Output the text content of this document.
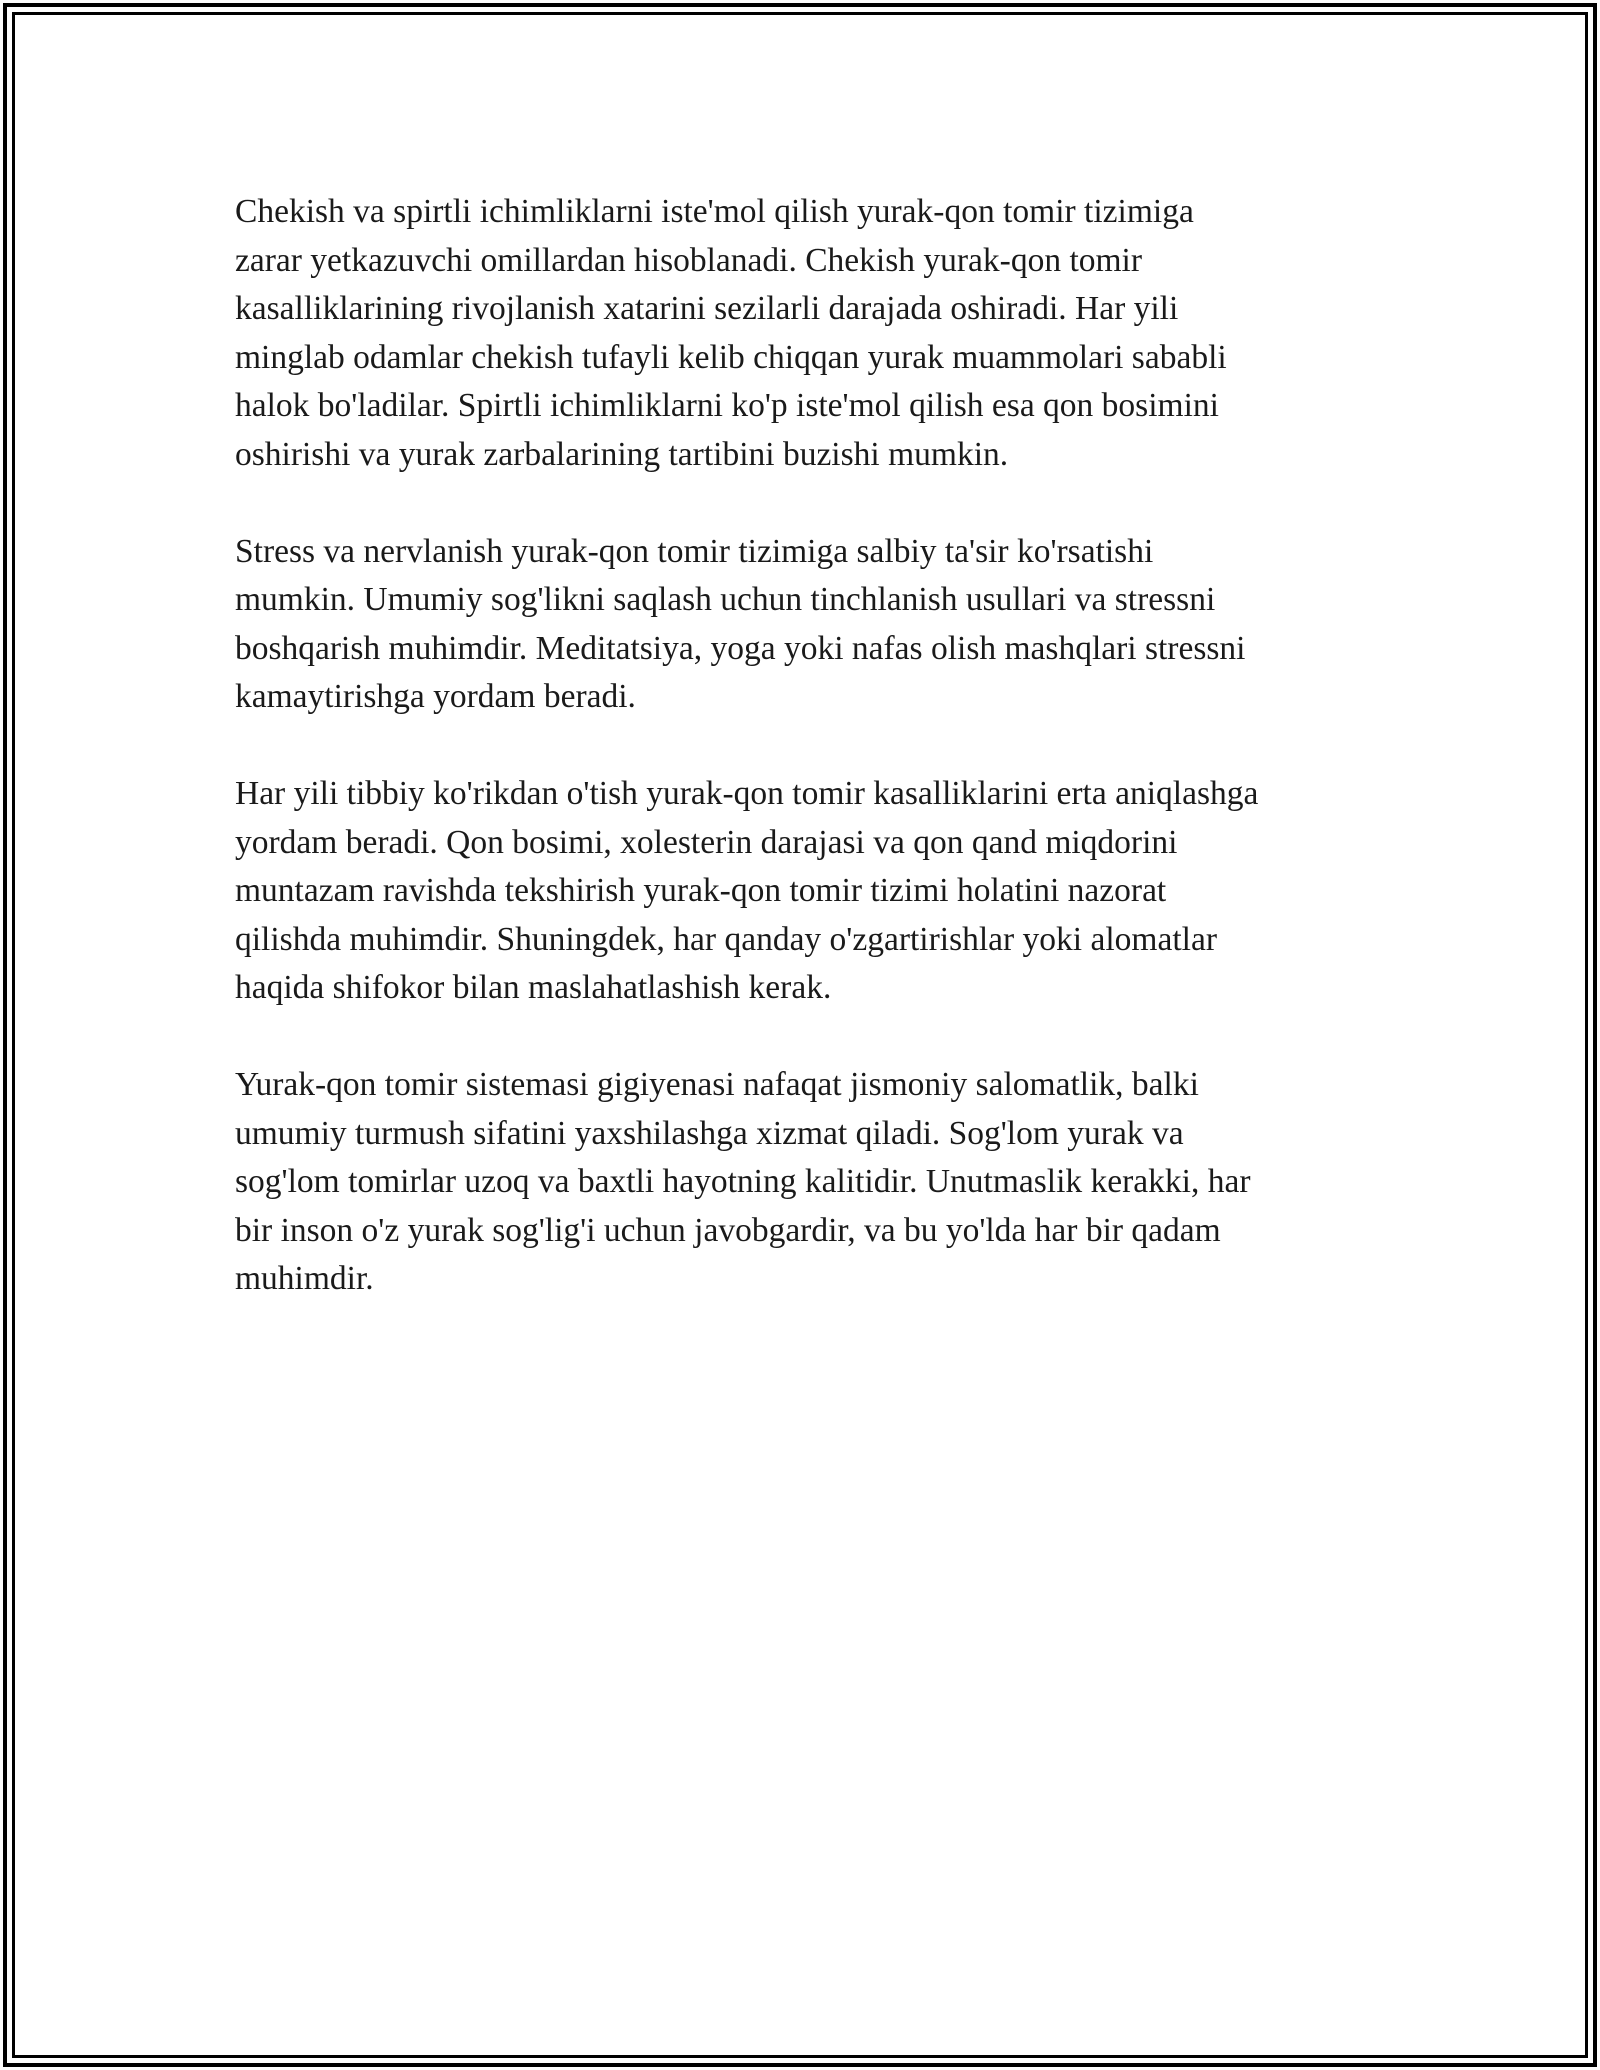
Chekish va spirtli ichimliklarni iste'mol qilish yurak-qon tomir tizimiga
zarar yetkazuvchi omillardan hisoblanadi. Chekish yurak-qon tomir
kasalliklarining rivojlanish xatarini sezilarli darajada oshiradi. Har yili
minglab odamlar chekish tufayli kelib chiqqan yurak muammolari sababli
halok bo'ladilar. Spirtli ichimliklarni ko'p iste'mol qilish esa qon bosimini
oshirishi va yurak zarbalarining tartibini buzishi mumkin.

Stress va nervlanish yurak-qon tomir tizimiga salbiy ta'sir ko'rsatishi
mumkin. Umumiy sog'likni saqlash uchun tinchlanish usullari va stressni
boshqarish muhimdir. Meditatsiya, yoga yoki nafas olish mashqlari stressni
kamaytirishga yordam beradi.

Har yili tibbiy ko'rikdan o'tish yurak-qon tomir kasalliklarini erta aniqlashga
yordam beradi. Qon bosimi, xolesterin darajasi va qon qand miqdorini
muntazam ravishda tekshirish yurak-qon tomir tizimi holatini nazorat
qilishda muhimdir. Shuningdek, har qanday o'zgartirishlar yoki alomatlar
haqida shifokor bilan maslahatlashish kerak.

Yurak-qon tomir sistemasi gigiyenasi nafaqat jismoniy salomatlik, balki
umumiy turmush sifatini yaxshilashga xizmat qiladi. Sog'lom yurak va
sog'lom tomirlar uzoq va baxtli hayotning kalitidir. Unutmaslik kerakki, har
bir inson o'z yurak sog'lig'i uchun javobgardir, va bu yo'lda har bir qadam
muhimdir.
